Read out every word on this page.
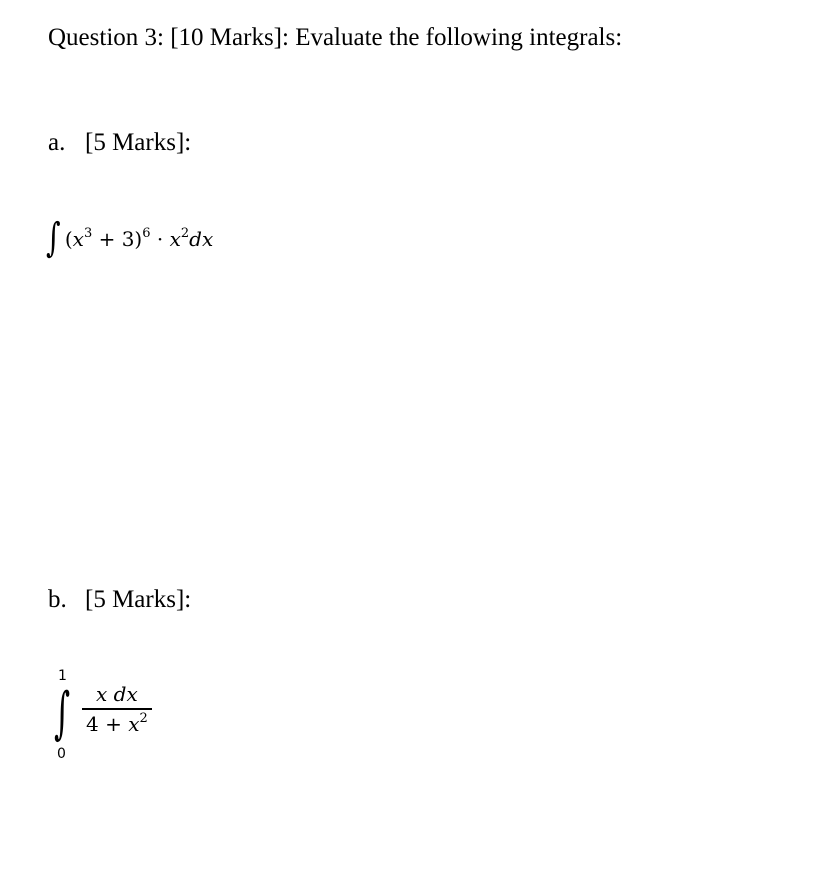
Question 3: [10 Marks]: Evaluate the following integrals:
a. [5 Marks]:
∫ $(x^3 + 3)^6 \cdot x^2dx$
b. [5 Marks]:
1
∫
0
x dx
$4 + x^2$
